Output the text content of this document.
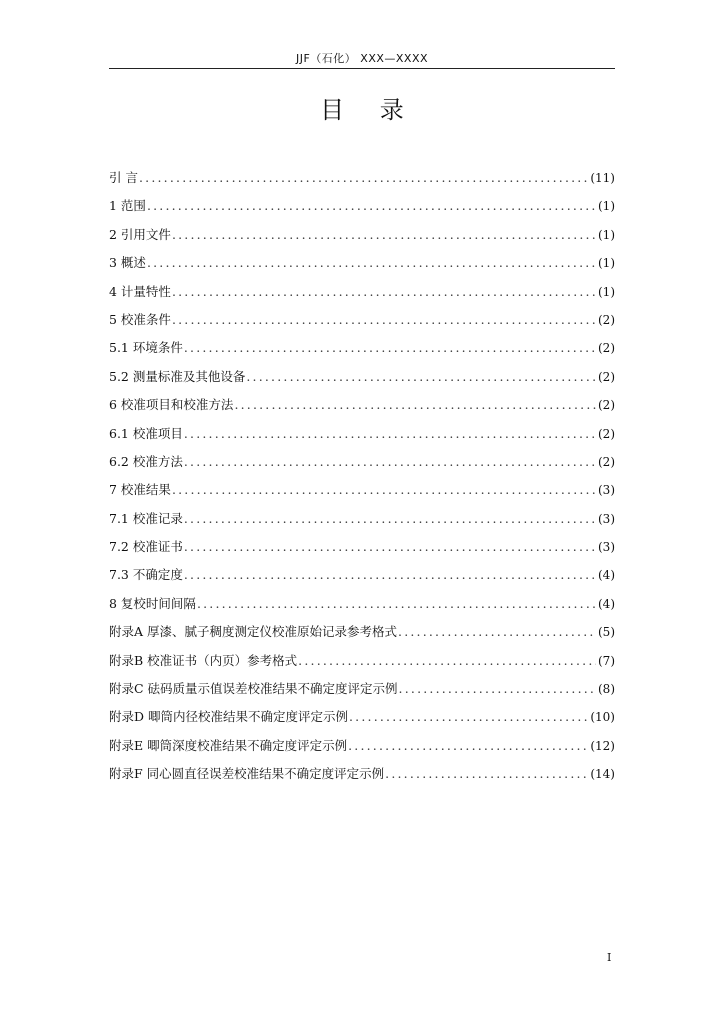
JJF（石化） XXX—XXXX
目 录
引 言 .....	(11)
1 范围 .....	(1)
2 引用文件 .....	(1)
3 概述 .....	(1)
4 计量特性 .....	(1)
5 校准条件 .....	(2)
5.1 环境条件 .....	(2)
5.2 测量标准及其他设备 .....	(2)
6 校准项目和校准方法 .....	(2)
6.1 校准项目 .....	(2)
6.2 校准方法 .....	(2)
7 校准结果 .....	(3)
7.1 校准记录 .....	(3)
7.2 校准证书 .....	(3)
7.3 不确定度 .....	(4)
8 复校时间间隔 .....	(4)
附录A 厚漆、腻子稠度测定仪校准原始记录参考格式 .....	(5)
附录B 校准证书（内页）参考格式 .....	(7)
附录C 砝码质量示值误差校准结果不确定度评定示例 .....	(8)
附录D 唧筒内径校准结果不确定度评定示例 .....	(10)
附录E 唧筒深度校准结果不确定度评定示例 .....	(12)
附录F 同心圆直径误差校准结果不确定度评定示例 .....	(14)
I
